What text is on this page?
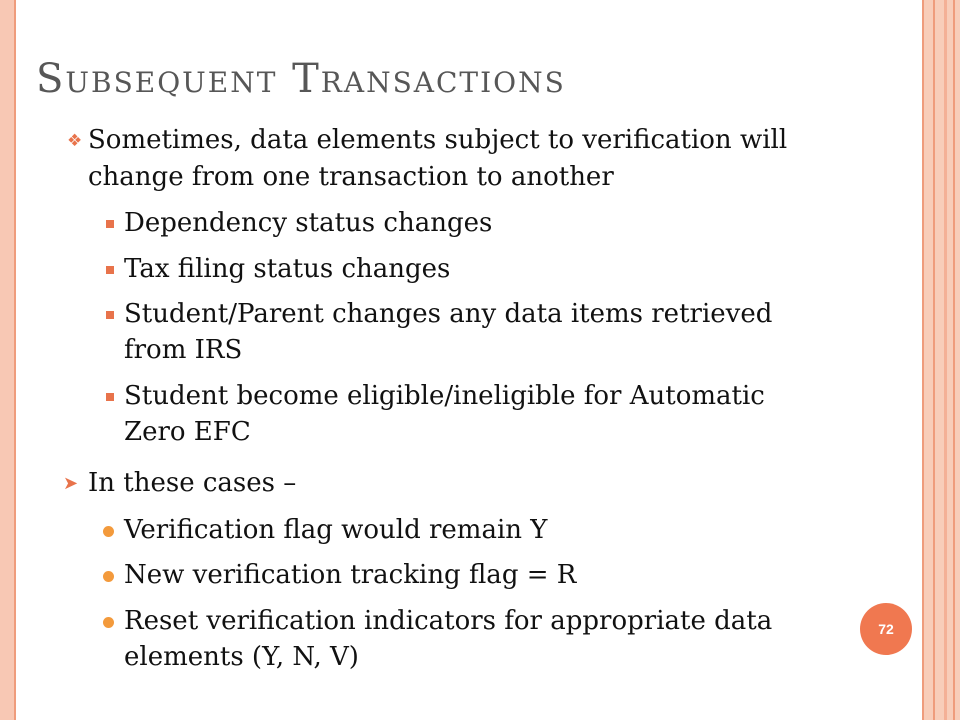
Subsequent Transactions
❖ Sometimes, data elements subject to verification will
change from one transaction to another
Dependency status changes
Tax filing status changes
Student/Parent changes any data items retrieved
from IRS
Student become eligible/ineligible for Automatic
Zero EFC
➤ In these cases –
Verification flag would remain Y
New verification tracking flag = R
Reset verification indicators for appropriate data
elements (Y, N, V)
72
